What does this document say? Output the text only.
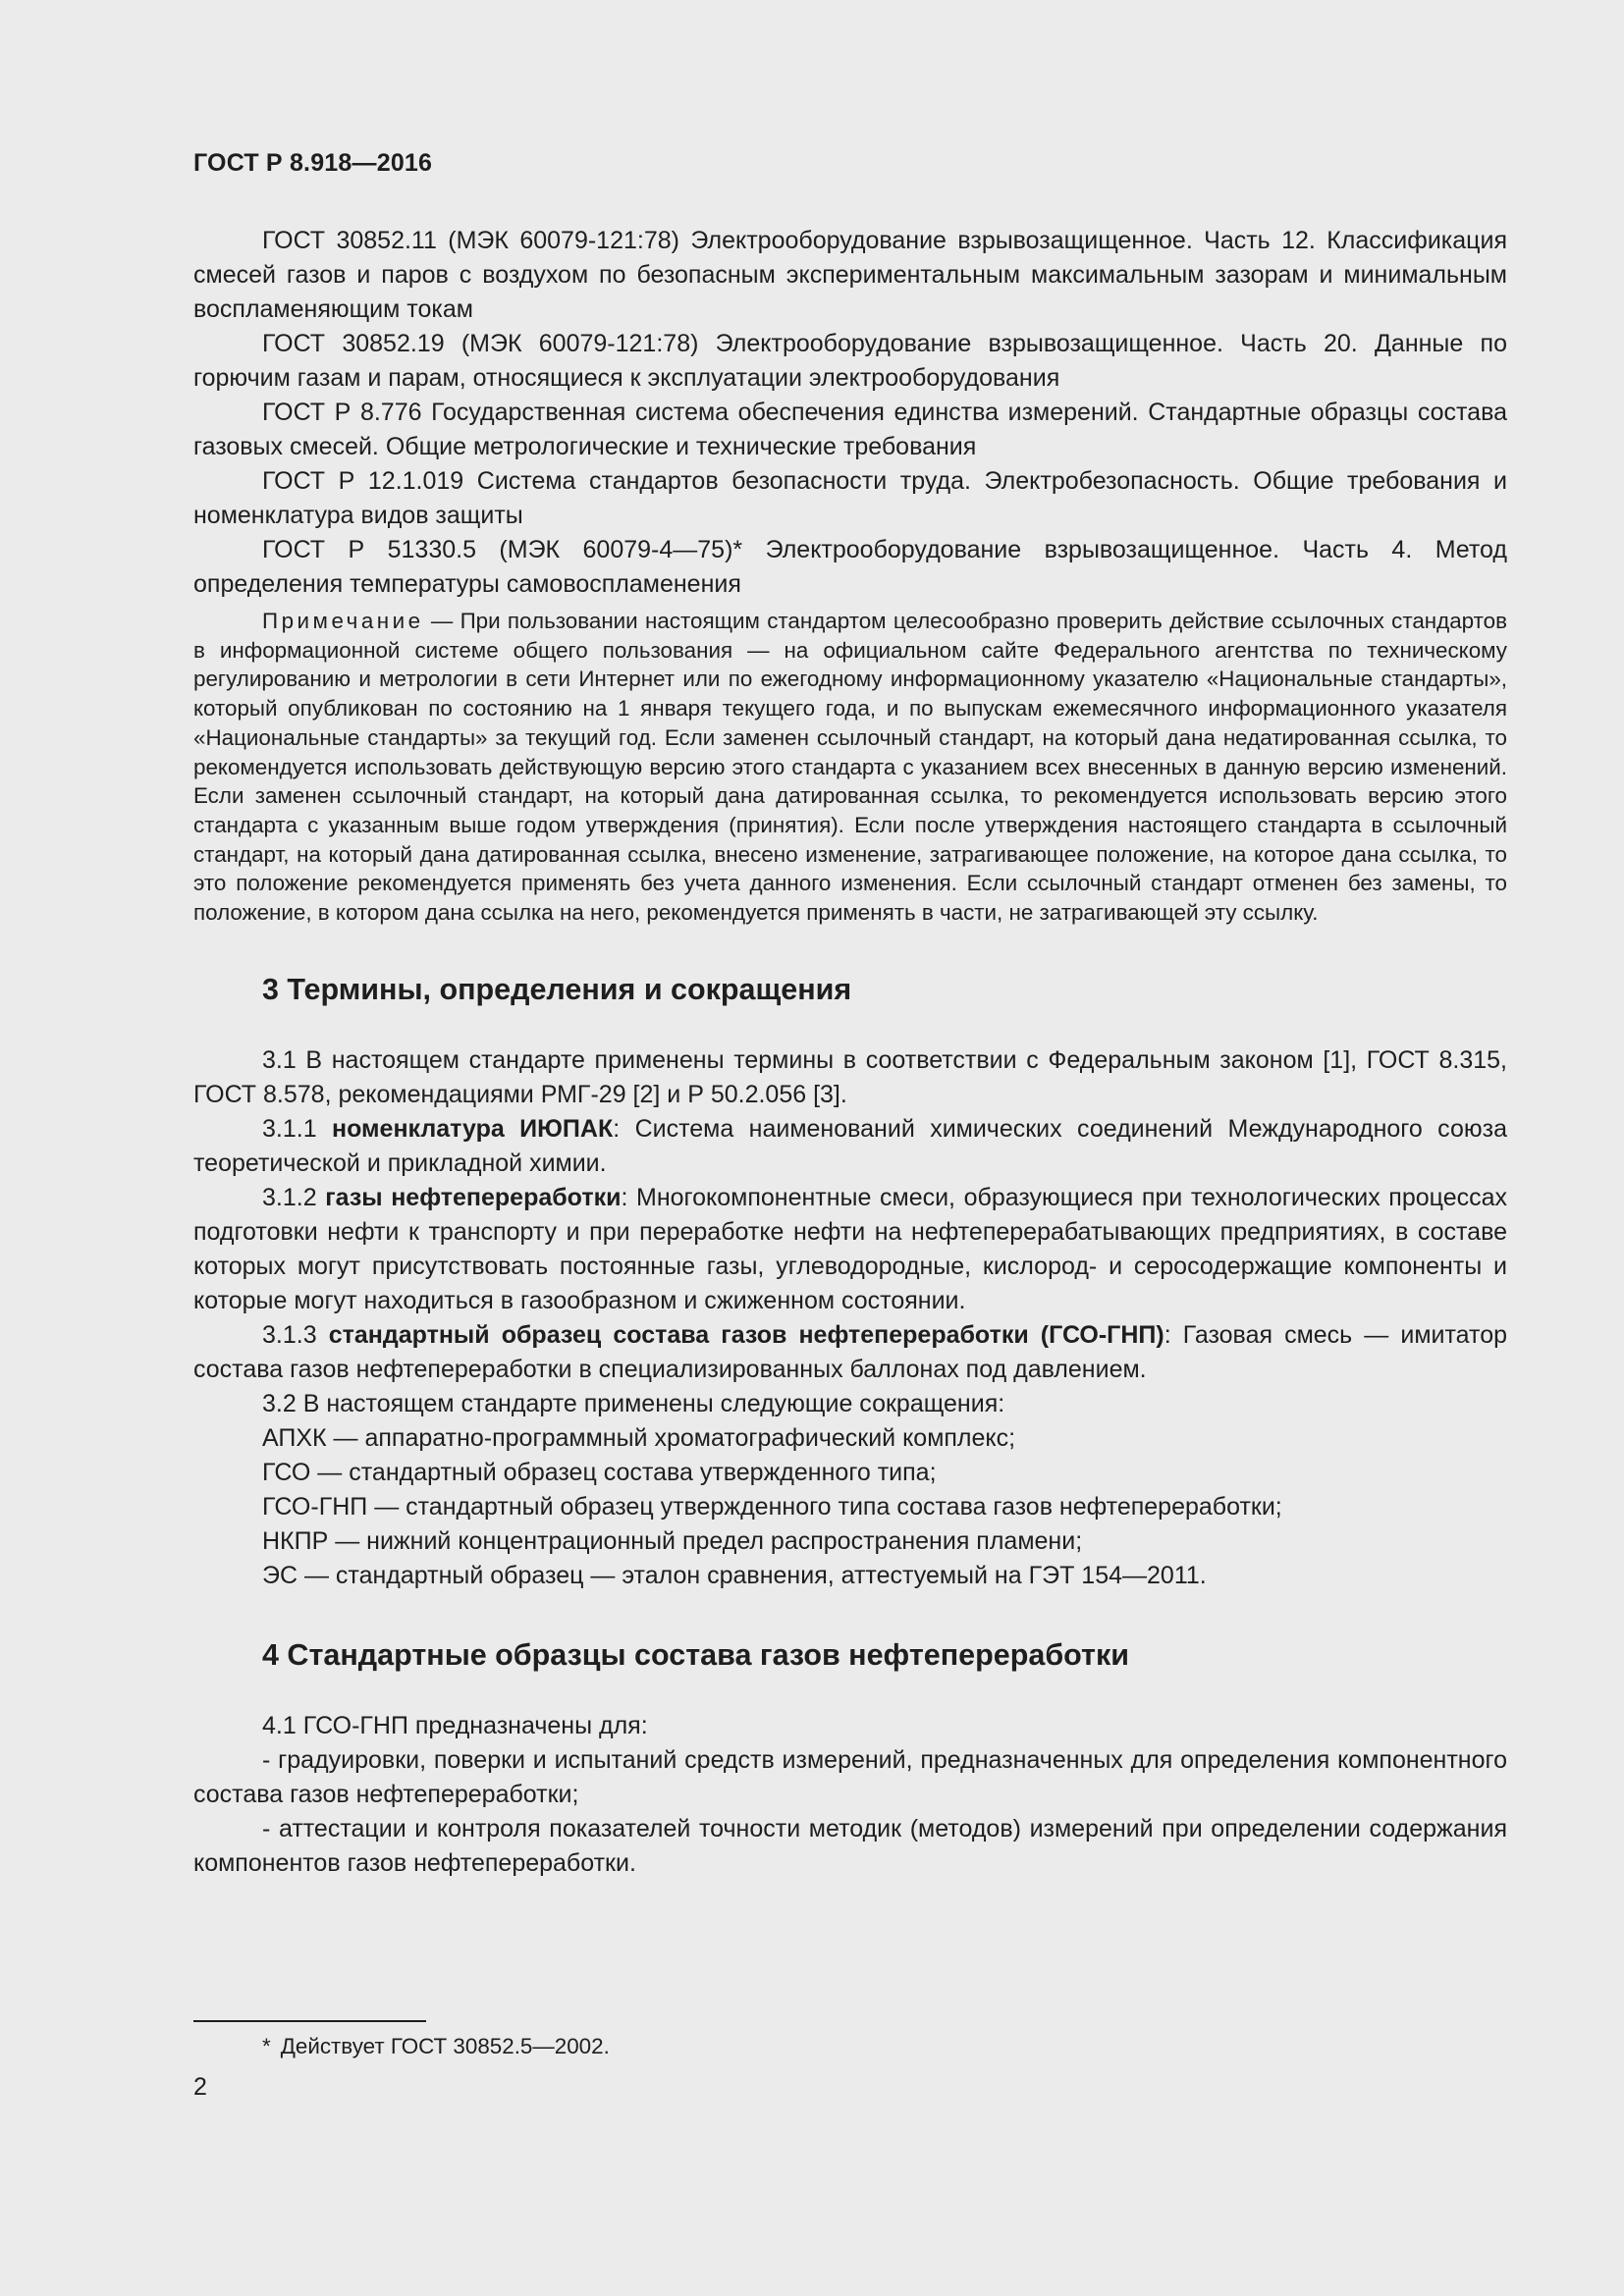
ГОСТ Р 8.918—2016

ГОСТ 30852.11 (МЭК 60079-121:78) Электрооборудование взрывозащищенное. Часть 12. Классификация смесей газов и паров с воздухом по безопасным экспериментальным максимальным зазорам и минимальным воспламеняющим токам

ГОСТ 30852.19 (МЭК 60079-121:78) Электрооборудование взрывозащищенное. Часть 20. Данные по горючим газам и парам, относящиеся к эксплуатации электрооборудования

ГОСТ Р 8.776 Государственная система обеспечения единства измерений. Стандартные образцы состава газовых смесей. Общие метрологические и технические требования

ГОСТ Р 12.1.019 Система стандартов безопасности труда. Электробезопасность. Общие требования и номенклатура видов защиты

ГОСТ Р 51330.5 (МЭК 60079-4—75)* Электрооборудование взрывозащищенное. Часть 4. Метод определения температуры самовоспламенения

Примечание — При пользовании настоящим стандартом целесообразно проверить действие ссылочных стандартов в информационной системе общего пользования — на официальном сайте Федерального агентства по техническому регулированию и метрологии в сети Интернет или по ежегодному информационному указателю «Национальные стандарты», который опубликован по состоянию на 1 января текущего года, и по выпускам ежемесячного информационного указателя «Национальные стандарты» за текущий год. Если заменен ссылочный стандарт, на который дана недатированная ссылка, то рекомендуется использовать действующую версию этого стандарта с указанием всех внесенных в данную версию изменений. Если заменен ссылочный стандарт, на который дана датированная ссылка, то рекомендуется использовать версию этого стандарта с указанным выше годом утверждения (принятия). Если после утверждения настоящего стандарта в ссылочный стандарт, на который дана датированная ссылка, внесено изменение, затрагивающее положение, на которое дана ссылка, то это положение рекомендуется применять без учета данного изменения. Если ссылочный стандарт отменен без замены, то положение, в котором дана ссылка на него, рекомендуется применять в части, не затрагивающей эту ссылку.

3 Термины, определения и сокращения

3.1 В настоящем стандарте применены термины в соответствии с Федеральным законом [1], ГОСТ 8.315, ГОСТ 8.578, рекомендациями РМГ-29 [2] и Р 50.2.056 [3].

3.1.1 номенклатура ИЮПАК: Система наименований химических соединений Международного союза теоретической и прикладной химии.

3.1.2 газы нефтепереработки: Многокомпонентные смеси, образующиеся при технологических процессах подготовки нефти к транспорту и при переработке нефти на нефтеперерабатывающих предприятиях, в составе которых могут присутствовать постоянные газы, углеводородные, кислород- и серосодержащие компоненты и которые могут находиться в газообразном и сжиженном состоянии.

3.1.3 стандартный образец состава газов нефтепереработки (ГСО-ГНП): Газовая смесь — имитатор состава газов нефтепереработки в специализированных баллонах под давлением.

3.2 В настоящем стандарте применены следующие сокращения:

АПХК — аппаратно-программный хроматографический комплекс;

ГСО — стандартный образец состава утвержденного типа;

ГСО-ГНП — стандартный образец утвержденного типа состава газов нефтепереработки;

НКПР — нижний концентрационный предел распространения пламени;

ЭС — стандартный образец — эталон сравнения, аттестуемый на ГЭТ 154—2011.

4 Стандартные образцы состава газов нефтепереработки

4.1 ГСО-ГНП предназначены для:

- градуировки, поверки и испытаний средств измерений, предназначенных для определения компонентного состава газов нефтепереработки;

- аттестации и контроля показателей точности методик (методов) измерений при определении содержания компонентов газов нефтепереработки.

* Действует ГОСТ 30852.5—2002.
2
